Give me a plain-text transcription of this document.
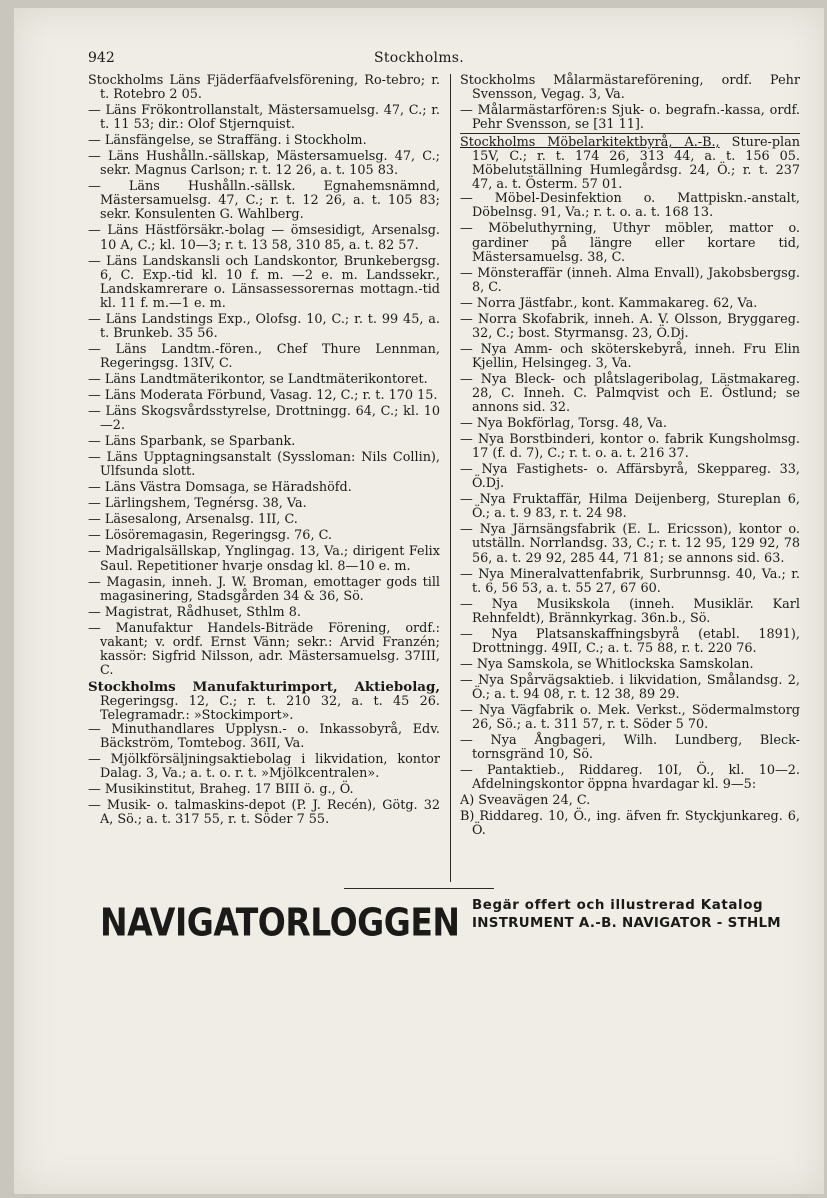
942	Stockholms.

Stockholms Läns Fjäderfäafvelsförening, Ro-tebro; r. t. Rotebro 2 05.

— Läns Frökontrollanstalt, Mästersamuelsg. 47, C.; r. t. 11 53; dir.: Olof Stjernquist.

— Länsfängelse, se Straffäng. i Stockholm.

— Läns Hushålln.-sällskap, Mästersamuelsg. 47, C.; sekr. Magnus Carlson; r. t. 12 26, a. t. 105 83.

— Läns Hushålln.-sällsk. Egnahemsnämnd, Mästersamuelsg. 47, C.; r. t. 12 26, a. t. 105 83; sekr. Konsulenten G. Wahlberg.

— Läns Hästförsäkr.-bolag — ömsesidigt, Arsenalsg. 10 A, C.; kl. 10—3; r. t. 13 58, 310 85, a. t. 82 57.

— Läns Landskansli och Landskontor, Brunkebergsg. 6, C. Exp.-tid kl. 10 f. m. —2 e. m. Landssekr., Landskamrerare o. Länsassessorernas mottagn.-tid kl. 11 f. m.—1 e. m.

— Läns Landstings Exp., Olofsg. 10, C.; r. t. 99 45, a. t. Brunkeb. 35 56.

— Läns Landtm.-fören., Chef Thure Lennman, Regeringsg. 13IV, C.

— Läns Landtmäterikontor, se Landtmäterikontoret.

— Läns Moderata Förbund, Vasag. 12, C.; r. t. 170 15.

— Läns Skogsvårdsstyrelse, Drottningg. 64, C.; kl. 10—2.

— Läns Sparbank, se Sparbank.

— Läns Upptagningsanstalt (Syssloman: Nils Collin), Ulfsunda slott.

— Läns Västra Domsaga, se Häradshöfd.

— Lärlingshem, Tegnérsg. 38, Va.

— Läsesalong, Arsenalsg. 1II, C.

— Lösöremagasin, Regeringsg. 76, C.

— Madrigalsällskap, Ynglingag. 13, Va.; dirigent Felix Saul. Repetitioner hvarje onsdag kl. 8—10 e. m.

— Magasin, inneh. J. W. Broman, emottager gods till magasinering, Stadsgården 34 & 36, Sö.

— Magistrat, Rådhuset, Sthlm 8.

— Manufaktur Handels-Biträde Förening, ordf.: vakant; v. ordf. Ernst Vänn; sekr.: Arvid Franzén; kassör: Sigfrid Nilsson, adr. Mästersamuelsg. 37III, C.

Stockholms Manufakturimport, Aktiebolag, Regeringsg. 12, C.; r. t. 210 32, a. t. 45 26. Telegramadr.: »Stockimport».

— Minuthandlares Upplysn.- o. Inkassobyrå, Edv. Bäckström, Tomtebog. 36II, Va.

— Mjölkförsäljningsaktiebolag i likvidation, kontor Dalag. 3, Va.; a. t. o. r. t. »Mjölkcentralen».

— Musikinstitut, Braheg. 17 BIII ö. g., Ö.

— Musik- o. talmaskins-depot (P. J. Recén), Götg. 32 A, Sö.; a. t. 317 55, r. t. Söder 7 55.

Stockholms Målarmästareförening, ordf. Pehr Svensson, Vegag. 3, Va.

— Målarmästarfören:s Sjuk- o. begrafn.-kassa, ordf. Pehr Svensson, se [31 11].

Stockholms Möbelarkitektbyrå, A.-B., Sture-plan 15V, C.; r. t. 174 26, 313 44, a. t. 156 05. Möbelutställning Humlegårdsg. 24, Ö.; r. t. 237 47, a. t. Österm. 57 01.

— Möbel-Desinfektion o. Mattpiskn.-anstalt, Döbelnsg. 91, Va.; r. t. o. a. t. 168 13.

— Möbeluthyrning, Uthyr möbler, mattor o. gardiner på längre eller kortare tid, Mästersamuelsg. 38, C.

— Mönsteraffär (inneh. Alma Envall), Jakobsbergsg. 8, C.

— Norra Jästfabr., kont. Kammakareg. 62, Va.

— Norra Skofabrik, inneh. A. V. Olsson, Bryggareg. 32, C.; bost. Styrmansg. 23, Ö.Dj.

— Nya Amm- och sköterskebyrå, inneh. Fru Elin Kjellin, Helsingeg. 3, Va.

— Nya Bleck- och plåtslageribolag, Lästmakareg. 28, C. Inneh. C. Palmqvist och E. Östlund; se annons sid. 32.

— Nya Bokförlag, Torsg. 48, Va.

— Nya Borstbinderi, kontor o. fabrik Kungsholmsg. 17 (f. d. 7), C.; r. t. o. a. t. 216 37.

— Nya Fastighets- o. Affärsbyrå, Skeppareg. 33, Ö.Dj.

— Nya Fruktaffär, Hilma Deijenberg, Stureplan 6, Ö.; a. t. 9 83, r. t. 24 98.

— Nya Järnsängsfabrik (E. L. Ericsson), kontor o. utställn. Norrlandsg. 33, C.; r. t. 12 95, 129 92, 78 56, a. t. 29 92, 285 44, 71 81; se annons sid. 63.

— Nya Mineralvattenfabrik, Surbrunnsg. 40, Va.; r. t. 6, 56 53, a. t. 55 27, 67 60.

— Nya Musikskola (inneh. Musiklär. Karl Rehnfeldt), Brännkyrkag. 36n.b., Sö.

— Nya Platsanskaffningsbyrå (etabl. 1891), Drottningg. 49II, C.; a. t. 75 88, r. t. 220 76.

— Nya Samskola, se Whitlockska Samskolan.

— Nya Spårvägsaktieb. i likvidation, Smålandsg. 2, Ö.; a. t. 94 08, r. t. 12 38, 89 29.

— Nya Vägfabrik o. Mek. Verkst., Södermalmstorg 26, Sö.; a. t. 311 57, r. t. Söder 5 70.

— Nya Ångbageri, Wilh. Lundberg, Bleck-tornsgränd 10, Sö.

— Pantaktieb., Riddareg. 10I, Ö., kl. 10—2. Afdelningskontor öppna hvardagar kl. 9—5:

A) Sveavägen 24, C.

B) Riddareg. 10, Ö., ing. äfven fr. Styckjunkareg. 6, Ö.

NAVIGATORLOGGEN Begär offert och illustrerad Katalog
INSTRUMENT A.-B. NAVIGATOR - STHLM
